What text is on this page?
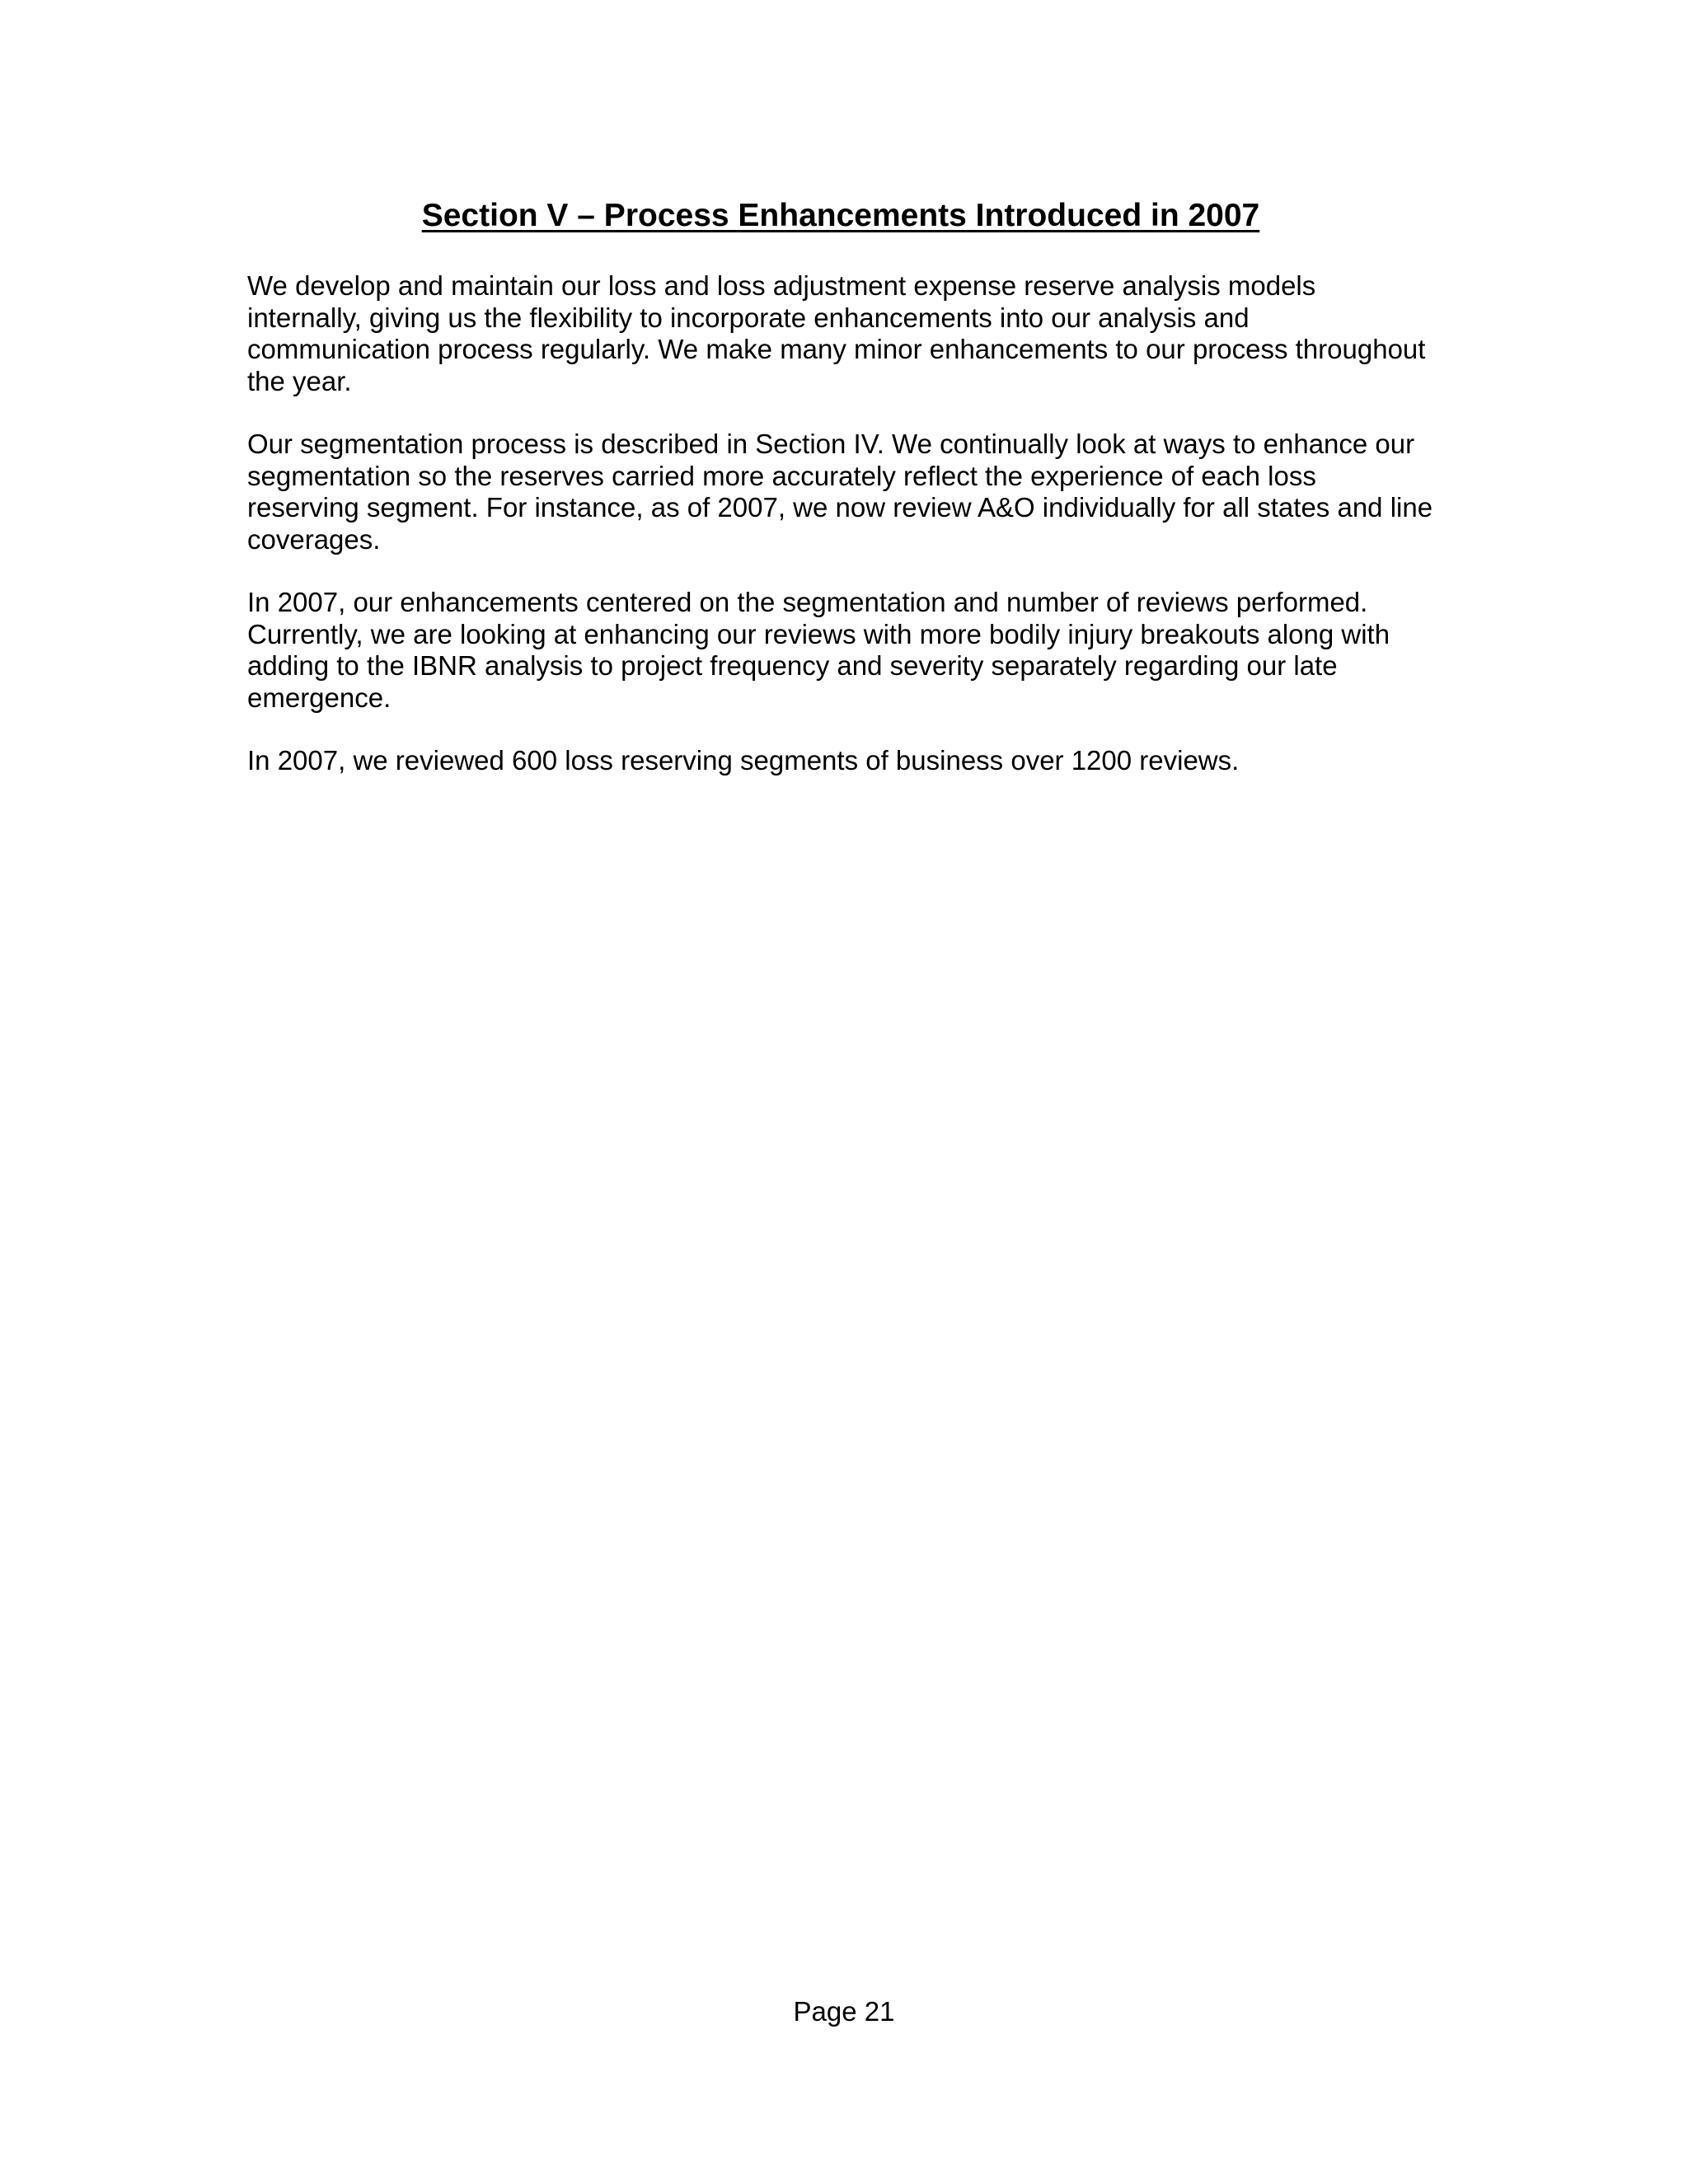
Section V – Process Enhancements Introduced in 2007

We develop and maintain our loss and loss adjustment expense reserve analysis models internally, giving us the flexibility to incorporate enhancements into our analysis and communication process regularly. We make many minor enhancements to our process throughout the year.

Our segmentation process is described in Section IV. We continually look at ways to enhance our segmentation so the reserves carried more accurately reflect the experience of each loss reserving segment. For instance, as of 2007, we now review A&O individually for all states and line coverages.

In 2007, our enhancements centered on the segmentation and number of reviews performed. Currently, we are looking at enhancing our reviews with more bodily injury breakouts along with adding to the IBNR analysis to project frequency and severity separately regarding our late emergence.

In 2007, we reviewed 600 loss reserving segments of business over 1200 reviews.

Page 21
